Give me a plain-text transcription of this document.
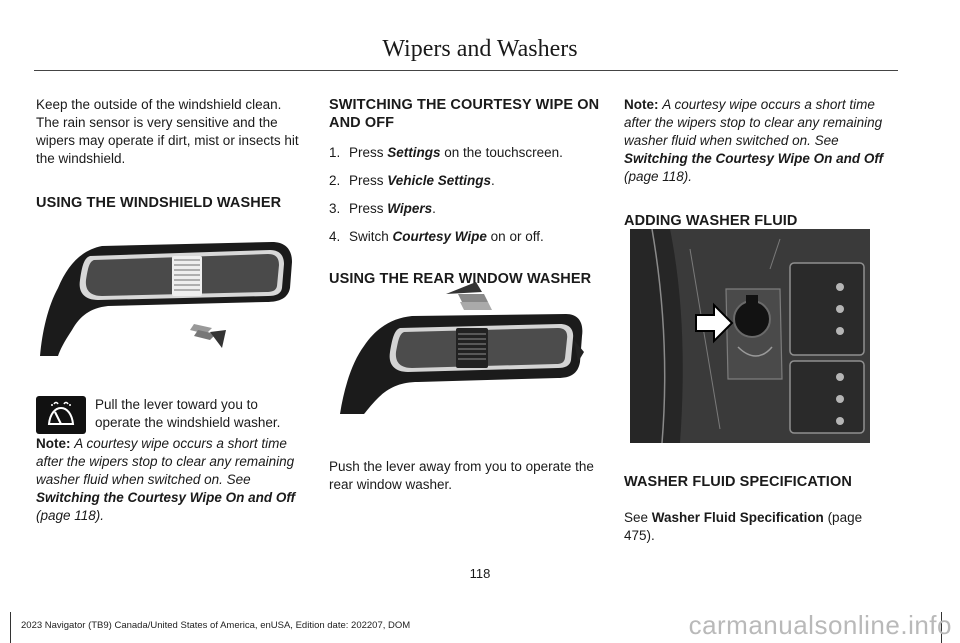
Wipers and Washers

Keep the outside of the windshield clean. The rain sensor is very sensitive and the wipers may operate if dirt, mist or insects hit the windshield.

USING THE WINDSHIELD WASHER
Pull the lever toward you to operate the windshield washer.

Note: A courtesy wipe occurs a short time after the wipers stop to clear any remaining washer fluid when switched on. See Switching the Courtesy Wipe On and Off (page 118).

SWITCHING THE COURTESY WIPE ON AND OFF
1. Press Settings on the touchscreen.
2. Press Vehicle Settings.
3. Press Wipers.
4. Switch Courtesy Wipe on or off.
USING THE REAR WINDOW WASHER

Push the lever away from you to operate the rear window washer.

Note: A courtesy wipe occurs a short time after the wipers stop to clear any remaining washer fluid when switched on. See Switching the Courtesy Wipe On and Off (page 118).

ADDING WASHER FLUID
WASHER FLUID SPECIFICATION

See Washer Fluid Specification (page 475).

118
2023 Navigator (TB9) Canada/United States of America, enUSA, Edition date: 202207, DOM	carmanualsonline.info
